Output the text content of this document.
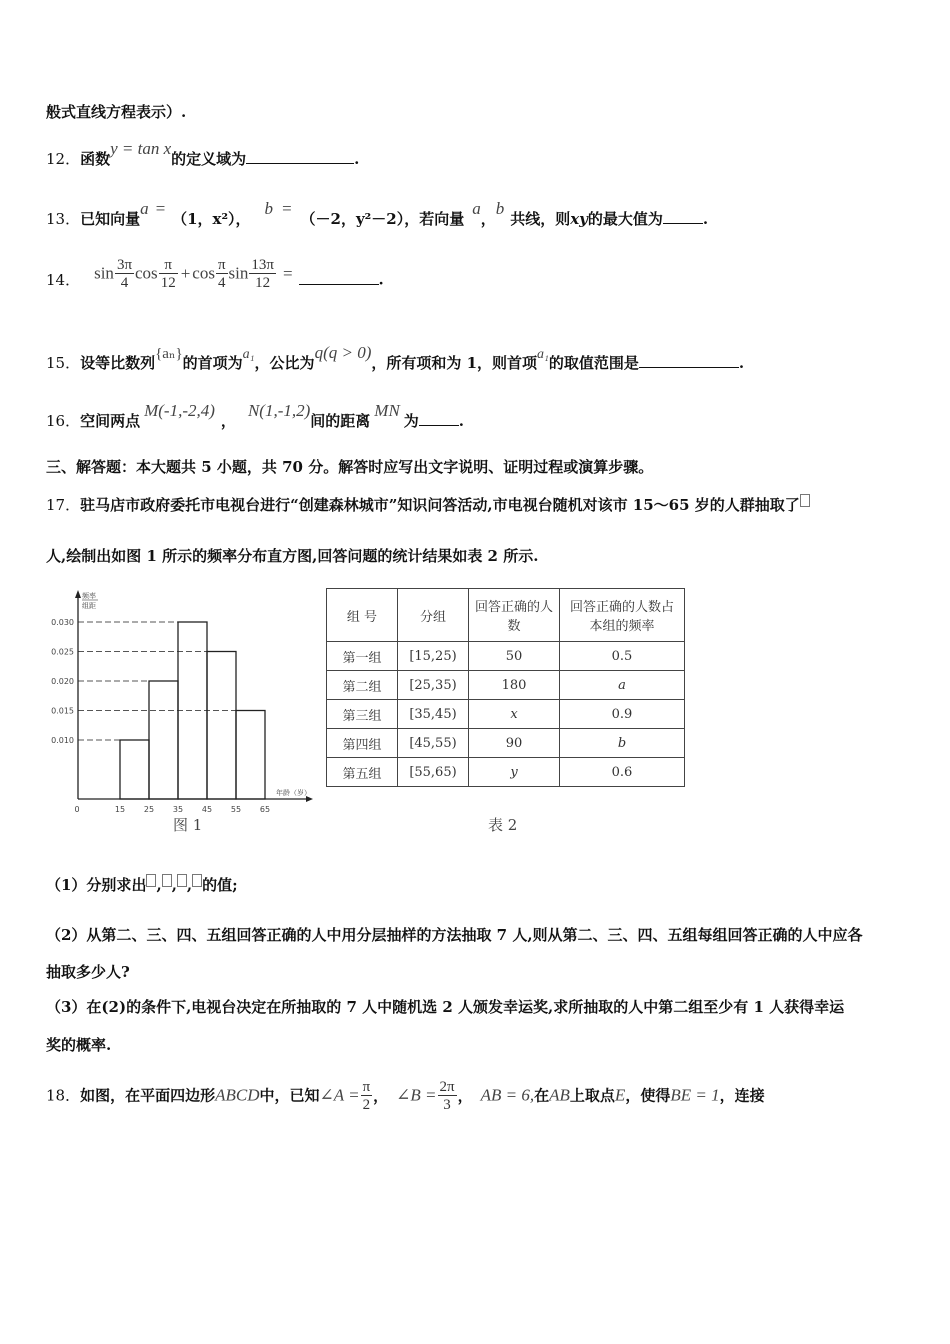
般式直线方程表示）.
12．函数y = tan x的定义域为	.
13．已知向量a =（1，x²），b =（－2，y²－2），若向量a，b共线，则xy的最大值为	.
14． $\sin \frac{3\pi}{4}$ $\cos \frac{\pi}{12} + \cos \frac{\pi}{4}$ $\sin \frac{13\pi}{12}$ =	.
15．设等比数列{aₙ}的首项为a₁，公比为q(q > 0)，所有项和为 1，则首项a₁的取值范围是	.
16．空间两点M(-1,-2,4)，N(1,-1,2)间的距离MN为	.
三、解答题：本大题共 5 小题，共 70 分。解答时应写出文字说明、证明过程或演算步骤。
17．驻马店市政府委托市电视台进行“创建森林城市”知识问答活动,市电视台随机对该市 15～65 岁的人群抽取了
人,绘制出如图 1 所示的频率分布直方图,回答问题的统计结果如表 2 所示.
0.010
0.015
0.020
0.025
0.030
0	15 25 35 45 55 65
频率
组距
年龄（岁）
图 1
组 号	分组	回答正确的人数	回答正确的人数占本组的频率
第一组	[15,25)	50	0.5
第二组	[25,35)	180	a
第三组	[35,45)	x	0.9
第四组	[45,55)	90	b
第五组	[55,65)	y	0.6
表 2
（1）分别求出 , , , 的值;
（2）从第二、三、四、五组回答正确的人中用分层抽样的方法抽取 7 人,则从第二、三、四、五组每组回答正确的人中应各
抽取多少人?
（3）在(2)的条件下,电视台决定在所抽取的 7 人中随机选 2 人颁发幸运奖,求所抽取的人中第二组至少有 1 人获得幸运
奖的概率.
18．如图，在平面四边形ABCD中，已知∠A = $\frac{\pi}{2}$ ， ∠B = $\frac{2\pi}{3}$ ， AB = 6,在AB上取点E，使得BE = 1，连接
